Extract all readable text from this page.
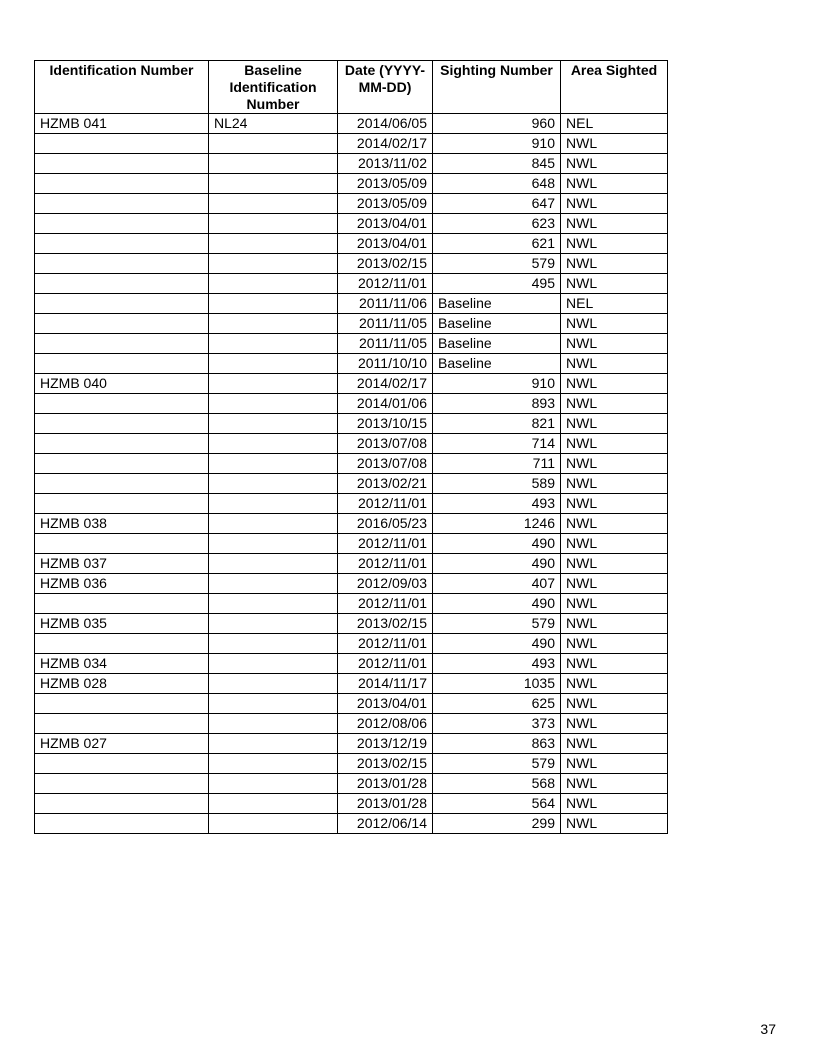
Identification Number	Baseline Identification Number	Date (YYYY-MM-DD)	Sighting Number	Area Sighted
HZMB 041	NL24	2014/06/05	960	NEL
		2014/02/17	910	NWL
		2013/11/02	845	NWL
		2013/05/09	648	NWL
		2013/05/09	647	NWL
		2013/04/01	623	NWL
		2013/04/01	621	NWL
		2013/02/15	579	NWL
		2012/11/01	495	NWL
		2011/11/06	Baseline	NEL
		2011/11/05	Baseline	NWL
		2011/11/05	Baseline	NWL
		2011/10/10	Baseline	NWL
HZMB 040		2014/02/17	910	NWL
		2014/01/06	893	NWL
		2013/10/15	821	NWL
		2013/07/08	714	NWL
		2013/07/08	711	NWL
		2013/02/21	589	NWL
		2012/11/01	493	NWL
HZMB 038		2016/05/23	1246	NWL
		2012/11/01	490	NWL
HZMB 037		2012/11/01	490	NWL
HZMB 036		2012/09/03	407	NWL
		2012/11/01	490	NWL
HZMB 035		2013/02/15	579	NWL
		2012/11/01	490	NWL
HZMB 034		2012/11/01	493	NWL
HZMB 028		2014/11/17	1035	NWL
		2013/04/01	625	NWL
		2012/08/06	373	NWL
HZMB 027		2013/12/19	863	NWL
		2013/02/15	579	NWL
		2013/01/28	568	NWL
		2013/01/28	564	NWL
		2012/06/14	299	NWL
37
